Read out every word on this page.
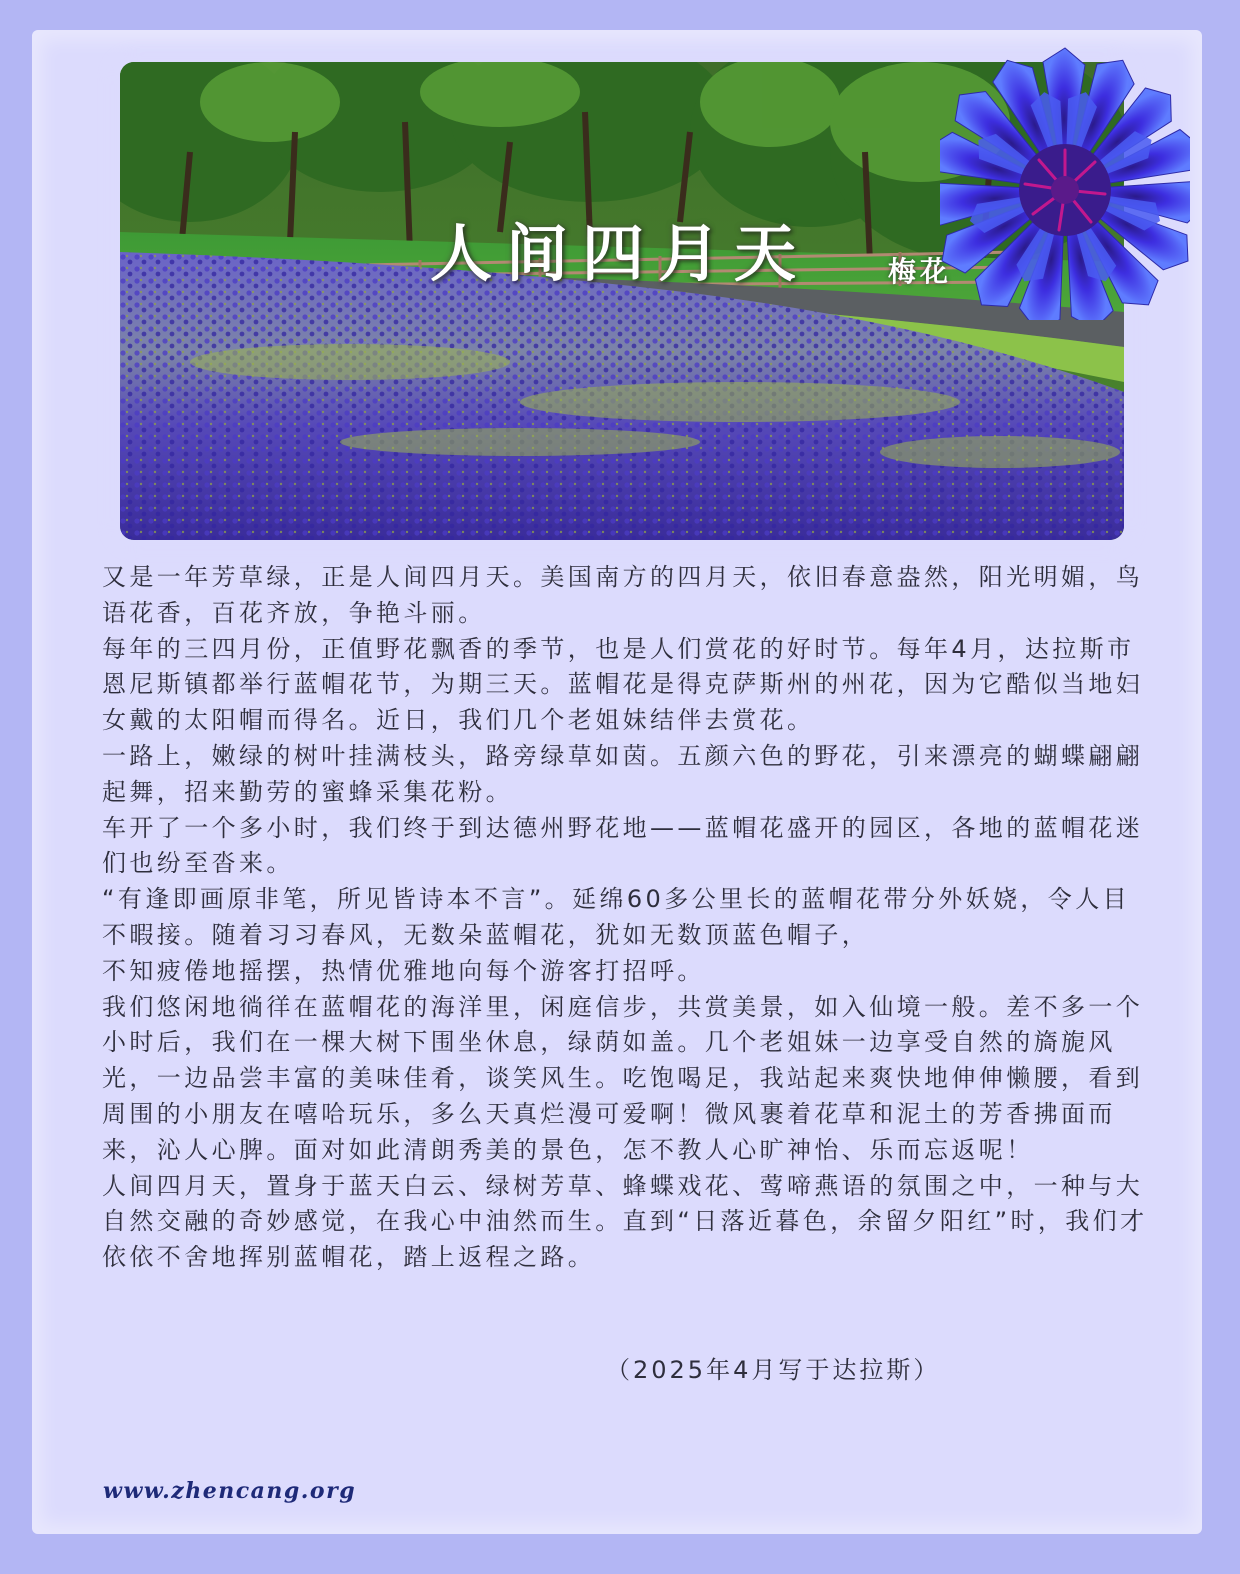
人间四月天	梅花

又是一年芳草绿，正是人间四月天。美国南方的四月天，依旧春意盎然，阳光明媚，鸟语花香，百花齐放，争艳斗丽。

每年的三四月份，正值野花飘香的季节，也是人们赏花的好时节。每年4月，达拉斯市恩尼斯镇都举行蓝帽花节，为期三天。蓝帽花是得克萨斯州的州花，因为它酷似当地妇女戴的太阳帽而得名。近日，我们几个老姐妹结伴去赏花。

一路上，嫩绿的树叶挂满枝头，路旁绿草如茵。五颜六色的野花，引来漂亮的蝴蝶翩翩起舞，招来勤劳的蜜蜂采集花粉。

车开了一个多小时，我们终于到达德州野花地——蓝帽花盛开的园区，各地的蓝帽花迷们也纷至沓来。

“有逢即画原非笔，所见皆诗本不言”。延绵60多公里长的蓝帽花带分外妖娆，令人目不暇接。随着习习春风，无数朵蓝帽花，犹如无数顶蓝色帽子，

不知疲倦地摇摆，热情优雅地向每个游客打招呼。

我们悠闲地徜徉在蓝帽花的海洋里，闲庭信步，共赏美景，如入仙境一般。差不多一个小时后，我们在一棵大树下围坐休息，绿荫如盖。几个老姐妹一边享受自然的旖旎风光，一边品尝丰富的美味佳肴，谈笑风生。吃饱喝足，我站起来爽快地伸伸懒腰，看到周围的小朋友在嘻哈玩乐，多么天真烂漫可爱啊！微风裹着花草和泥土的芳香拂面而来，沁人心脾。面对如此清朗秀美的景色，怎不教人心旷神怡、乐而忘返呢！

人间四月天，置身于蓝天白云、绿树芳草、蜂蝶戏花、莺啼燕语的氛围之中，一种与大自然交融的奇妙感觉，在我心中油然而生。直到“日落近暮色，余留夕阳红”时，我们才依依不舍地挥别蓝帽花，踏上返程之路。

（2025年4月写于达拉斯）
www.zhencang.org
